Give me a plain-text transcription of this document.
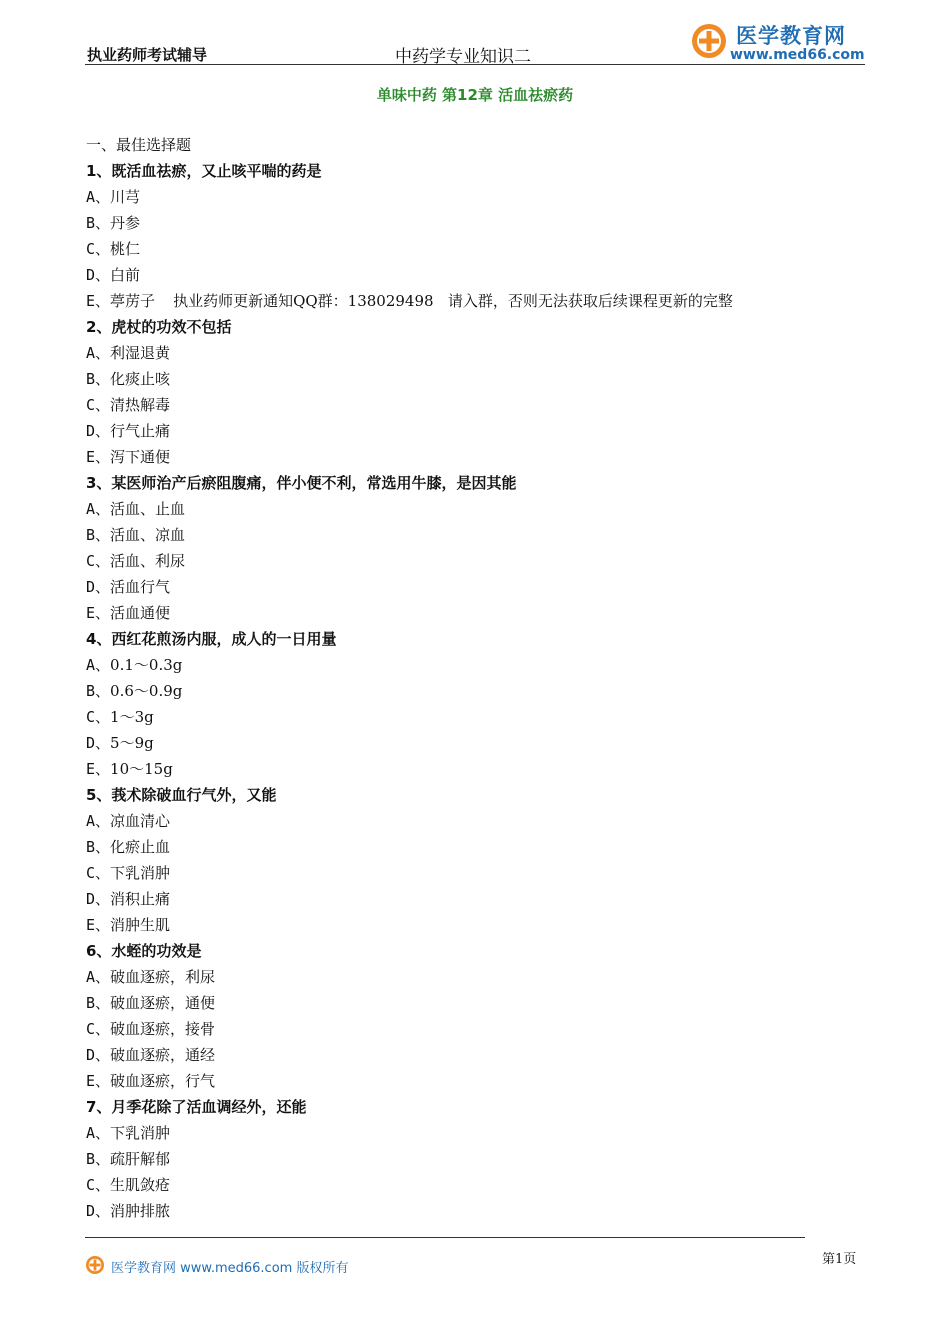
执业药师考试辅导	中药学专业知识二
医学教育网
www.med66.com
单味中药 第12章 活血祛瘀药
一、最佳选择题
1、既活血祛瘀，又止咳平喘的药是
A、川芎
B、丹参
C、桃仁
D、白前
E、葶苈子 执业药师更新通知QQ群：138029498   请入群，否则无法获取后续课程更新的完整
2、虎杖的功效不包括
A、利湿退黄
B、化痰止咳
C、清热解毒
D、行气止痛
E、泻下通便
3、某医师治产后瘀阻腹痛，伴小便不利，常选用牛膝，是因其能
A、活血、止血
B、活血、凉血
C、活血、利尿
D、活血行气
E、活血通便
4、西红花煎汤内服，成人的一日用量
A、0.1～0.3g
B、0.6～0.9g
C、1～3g
D、5～9g
E、10～15g
5、莪术除破血行气外，又能
A、凉血清心
B、化瘀止血
C、下乳消肿
D、消积止痛
E、消肿生肌
6、水蛭的功效是
A、破血逐瘀，利尿
B、破血逐瘀，通便
C、破血逐瘀，接骨
D、破血逐瘀，通经
E、破血逐瘀，行气
7、月季花除了活血调经外，还能
A、下乳消肿
B、疏肝解郁
C、生肌敛疮
D、消肿排脓
医学教育网 www.med66.com 版权所有
第1页
